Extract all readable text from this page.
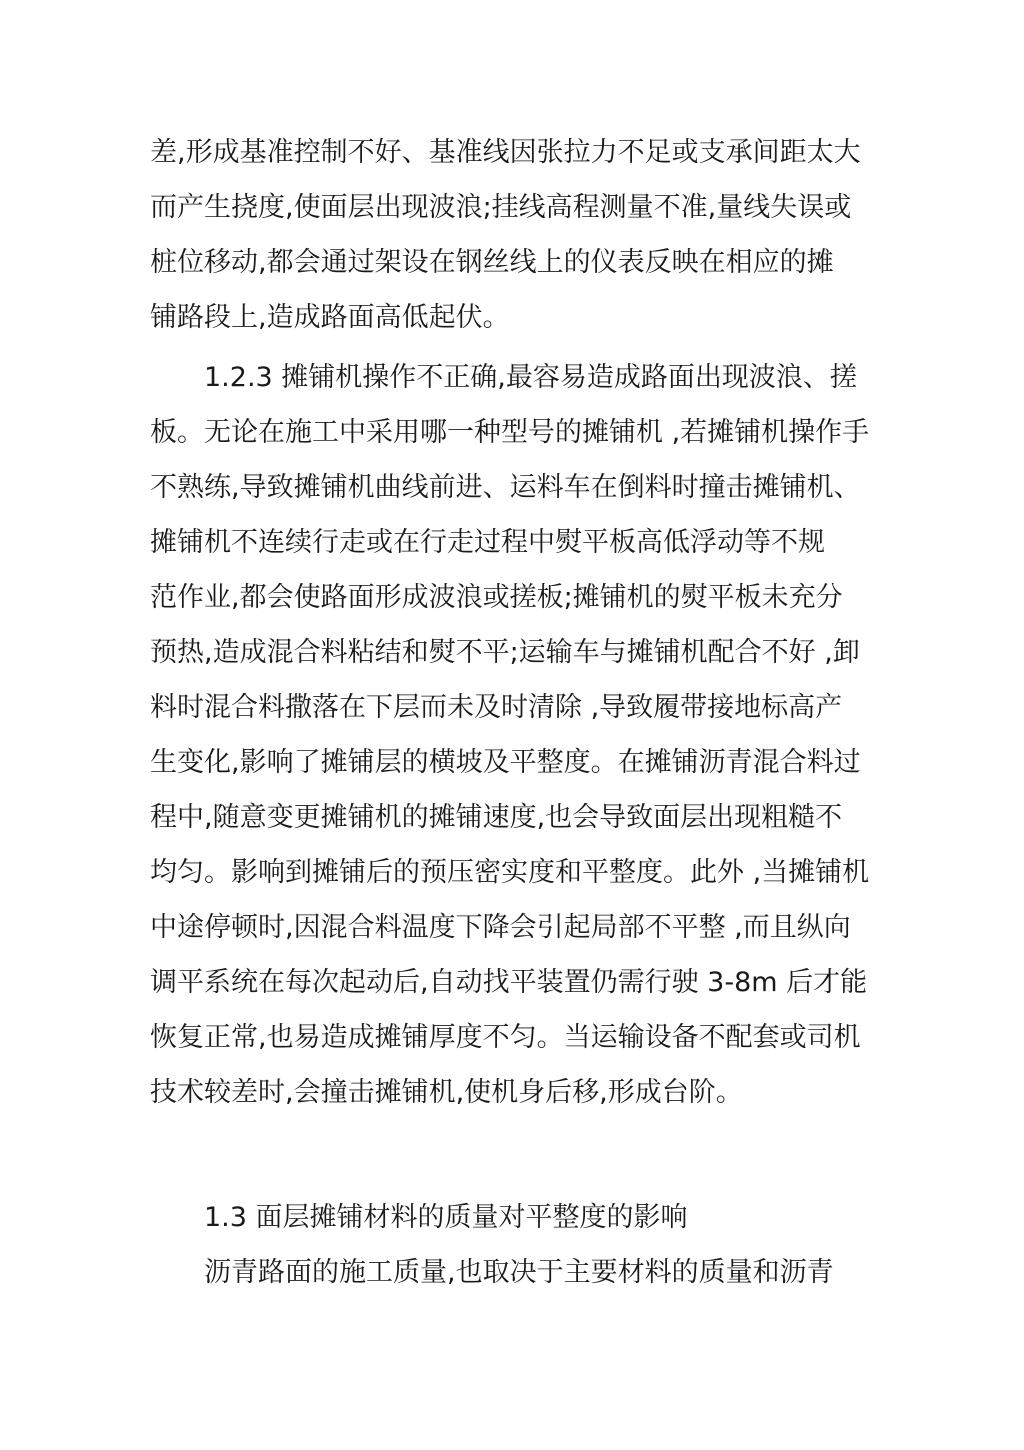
差,形成基准控制不好、基准线因张拉力不足或支承间距太大
而产生挠度,使面层出现波浪;挂线高程测量不准,量线失误或
桩位移动,都会通过架设在钢丝线上的仪表反映在相应的摊
铺路段上,造成路面高低起伏。
1.2.3 摊铺机操作不正确,最容易造成路面出现波浪、搓
板。无论在施工中采用哪一种型号的摊铺机 ,若摊铺机操作手
不熟练,导致摊铺机曲线前进、运料车在倒料时撞击摊铺机、
摊铺机不连续行走或在行走过程中熨平板高低浮动等不规
范作业,都会使路面形成波浪或搓板;摊铺机的熨平板未充分
预热,造成混合料粘结和熨不平;运输车与摊铺机配合不好 ,卸
料时混合料撒落在下层而未及时清除 ,导致履带接地标高产
生变化,影响了摊铺层的横坡及平整度。在摊铺沥青混合料过
程中,随意变更摊铺机的摊铺速度,也会导致面层出现粗糙不
均匀。影响到摊铺后的预压密实度和平整度。此外 ,当摊铺机
中途停顿时,因混合料温度下降会引起局部不平整 ,而且纵向
调平系统在每次起动后,自动找平装置仍需行驶 3-8m 后才能
恢复正常,也易造成摊铺厚度不匀。当运输设备不配套或司机
技术较差时,会撞击摊铺机,使机身后移,形成台阶。
1.3 面层摊铺材料的质量对平整度的影响
沥青路面的施工质量,也取决于主要材料的质量和沥青
